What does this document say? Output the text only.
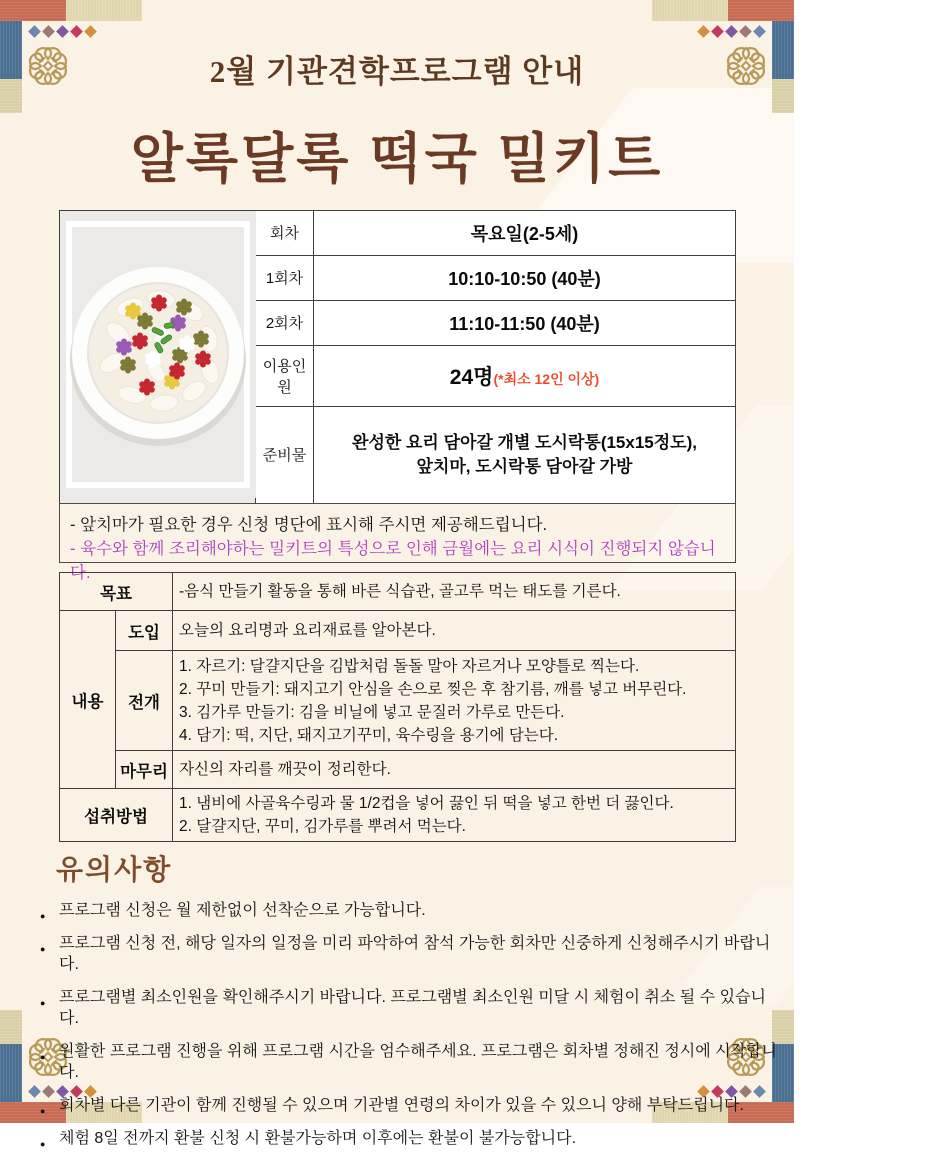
2월 기관견학프로그램 안내
알록달록 떡국 밀키트
	회차	목요일(2-5세)
	1회차	10:10-10:50 (40분)
	2회차	11:10-11:50 (40분)
	이용인원	24명(*최소 12인 이상)
	준비물	완성한 요리 담아갈 개별 도시락통(15x15정도),
앞치마, 도시락통 담아갈 가방
- 앞치마가 필요한 경우 신청 명단에 표시해 주시면 제공해드립니다.
- 육수와 함께 조리해야하는 밀키트의 특성으로 인해 금월에는 요리 시식이 진행되지 않습니다.
목표		-음식 만들기 활동을 통해 바른 식습관, 골고루 먹는 태도를 기른다.
내용	도입	오늘의 요리명과 요리재료를 알아본다.
	전개	1. 자르기: 달걀지단을 김밥처럼 돌돌 말아 자르거나 모양틀로 찍는다.
2. 꾸미 만들기: 돼지고기 안심을 손으로 찢은 후 참기름, 깨를 넣고 버무린다.
3. 김가루 만들기: 김을 비닐에 넣고 문질러 가루로 만든다.
4. 담기: 떡, 지단, 돼지고기꾸미, 육수링을 용기에 담는다.

	마무리	자신의 자리를 깨끗이 정리한다.
섭취방법		1. 냄비에 사골육수링과 물 1/2컵을 넣어 끓인 뒤 떡을 넣고 한번 더 끓인다.
2. 달걀지단, 꾸미, 김가루를 뿌려서 먹는다.
유의사항
● 프로그램 신청은 월 제한없이 선착순으로 가능합니다.
● 프로그램 신청 전, 해당 일자의 일정을 미리 파악하여 참석 가능한 회차만 신중하게 신청해주시기 바랍니다.
● 프로그램별 최소인원을 확인해주시기 바랍니다. 프로그램별 최소인원 미달 시 체험이 취소 될 수 있습니다.
● 원활한 프로그램 진행을 위해 프로그램 시간을 엄수해주세요. 프로그램은 회차별 정해진 정시에 시작합니다.
● 회차별 다른 기관이 함께 진행될 수 있으며 기관별 연령의 차이가 있을 수 있으니 양해 부탁드립니다.
● 체험 8일 전까지 환불 신청 시 환불가능하며 이후에는 환불이 불가능합니다.
